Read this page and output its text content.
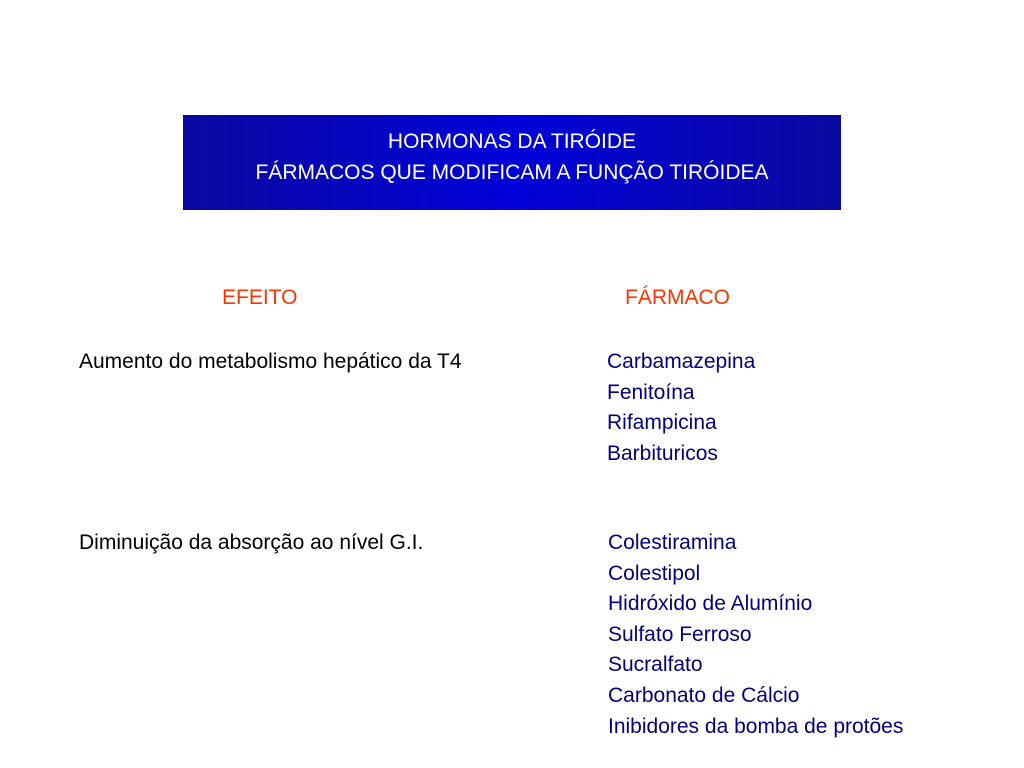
HORMONAS DA TIRÓIDE
FÁRMACOS QUE MODIFICAM A FUNÇÃO TIRÓIDEA
EFEITO	FÁRMACO
Aumento do metabolismo hepático da T4	Carbamazepina
Fenitoína
Rifampicina
Barbituricos
Diminuição da absorção ao nível G.I.	Colestiramina
Colestipol
Hidróxido de Alumínio
Sulfato Ferroso
Sucralfato
Carbonato de Cálcio
Inibidores da bomba de protões
